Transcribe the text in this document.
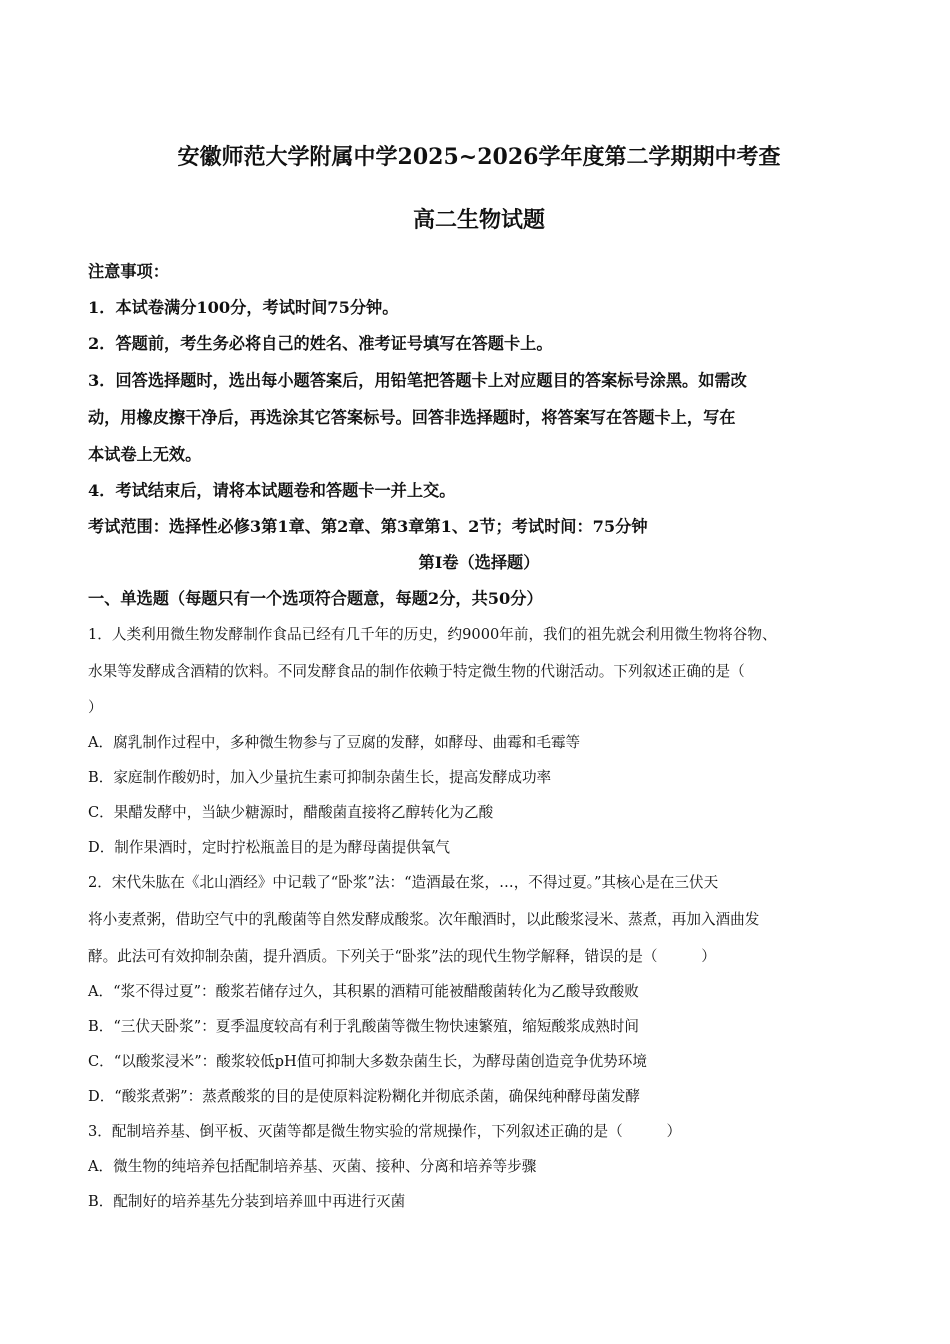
安徽师范大学附属中学2025~2026学年度第二学期期中考查
高二生物试题
注意事项：
1．本试卷满分100分，考试时间75分钟。
2．答题前，考生务必将自己的姓名、准考证号填写在答题卡上。
3．回答选择题时，选出每小题答案后，用铅笔把答题卡上对应题目的答案标号涂黑。如需改
动，用橡皮擦干净后，再选涂其它答案标号。回答非选择题时，将答案写在答题卡上，写在
本试卷上无效。
4．考试结束后，请将本试题卷和答题卡一并上交。
考试范围：选择性必修3第1章、第2章、第3章第1、2节；考试时间：75分钟
第Ⅰ卷（选择题）
一、单选题（每题只有一个选项符合题意，每题2分，共50分）
1．人类利用微生物发酵制作食品已经有几千年的历史，约9000年前，我们的祖先就会利用微生物将谷物、
水果等发酵成含酒精的饮料。不同发酵食品的制作依赖于特定微生物的代谢活动。下列叙述正确的是（
）
A．腐乳制作过程中，多种微生物参与了豆腐的发酵，如酵母、曲霉和毛霉等
B．家庭制作酸奶时，加入少量抗生素可抑制杂菌生长，提高发酵成功率
C．果醋发酵中，当缺少糖源时，醋酸菌直接将乙醇转化为乙酸
D．制作果酒时，定时拧松瓶盖目的是为酵母菌提供氧气
2．宋代朱肱在《北山酒经》中记载了“卧浆”法：“造酒最在浆，…，不得过夏。”其核心是在三伏天
将小麦煮粥，借助空气中的乳酸菌等自然发酵成酸浆。次年酿酒时，以此酸浆浸米、蒸煮，再加入酒曲发
酵。此法可有效抑制杂菌，提升酒质。下列关于“卧浆”法的现代生物学解释，错误的是（　　　）
A．“浆不得过夏”：酸浆若储存过久，其积累的酒精可能被醋酸菌转化为乙酸导致酸败
B．“三伏天卧浆”：夏季温度较高有利于乳酸菌等微生物快速繁殖，缩短酸浆成熟时间
C．“以酸浆浸米”：酸浆较低pH值可抑制大多数杂菌生长，为酵母菌创造竞争优势环境
D．“酸浆煮粥”：蒸煮酸浆的目的是使原料淀粉糊化并彻底杀菌，确保纯种酵母菌发酵
3．配制培养基、倒平板、灭菌等都是微生物实验的常规操作，下列叙述正确的是（　　　）
A．微生物的纯培养包括配制培养基、灭菌、接种、分离和培养等步骤
B．配制好的培养基先分装到培养皿中再进行灭菌
